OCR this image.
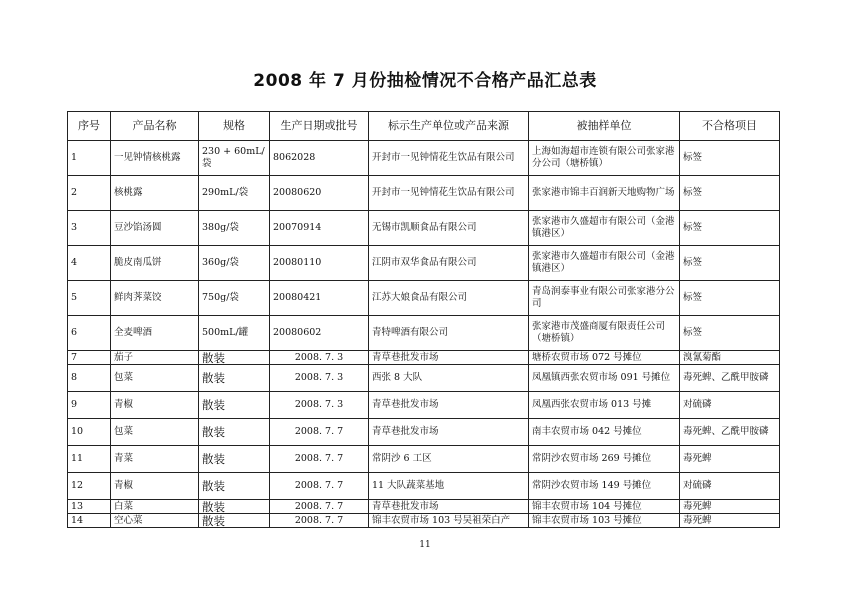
2008 年 7 月份抽检情况不合格产品汇总表
序号	产品名称	规格	生产日期或批号	标示生产单位或产品来源	被抽样单位	不合格项目
1	一见钟情核桃露	230 + 60mL/袋	8062028	开封市一见钟情花生饮品有限公司	上海如海超市连锁有限公司张家港分公司（塘桥镇）	标签
2	核桃露	290mL/袋	20080620	开封市一见钟情花生饮品有限公司	张家港市锦丰百润新天地购物广场	标签
3	豆沙馅汤圆	380g/袋	20070914	无锡市凯顺食品有限公司	张家港市久盛超市有限公司（金港镇港区）	标签
4	脆皮南瓜饼	360g/袋	20080110	江阴市双华食品有限公司	张家港市久盛超市有限公司（金港镇港区）	标签
5	鲜肉荠菜饺	750g/袋	20080421	江苏大娘食品有限公司	青岛润泰事业有限公司张家港分公司	标签
6	全麦啤酒	500mL/罐	20080602	青特啤酒有限公司	张家港市茂盛商厦有限责任公司（塘桥镇）	标签
7	茄子	散装	2008. 7. 3	青草巷批发市场	塘桥农贸市场 072 号摊位	溴氰菊酯
8	包菜	散装	2008. 7. 3	西张 8 大队	凤凰镇西张农贸市场 091 号摊位	毒死蜱、乙酰甲胺磷
9	青椒	散装	2008. 7. 3	青草巷批发市场	凤凰西张农贸市场 013 号摊	对硫磷
10	包菜	散装	2008. 7. 7	青草巷批发市场	南丰农贸市场 042 号摊位	毒死蜱、乙酰甲胺磷
11	青菜	散装	2008. 7. 7	常阴沙 6 工区	常阴沙农贸市场 269 号摊位	毒死蜱
12	青椒	散装	2008. 7. 7	11 大队蔬菜基地	常阴沙农贸市场 149 号摊位	对硫磷
13	白菜	散装	2008. 7. 7	青草巷批发市场	锦丰农贸市场 104 号摊位	毒死蜱
14	空心菜	散装	2008. 7. 7	锦丰农贸市场 103 号吴祖荣白产	锦丰农贸市场 103 号摊位	毒死蜱
11
